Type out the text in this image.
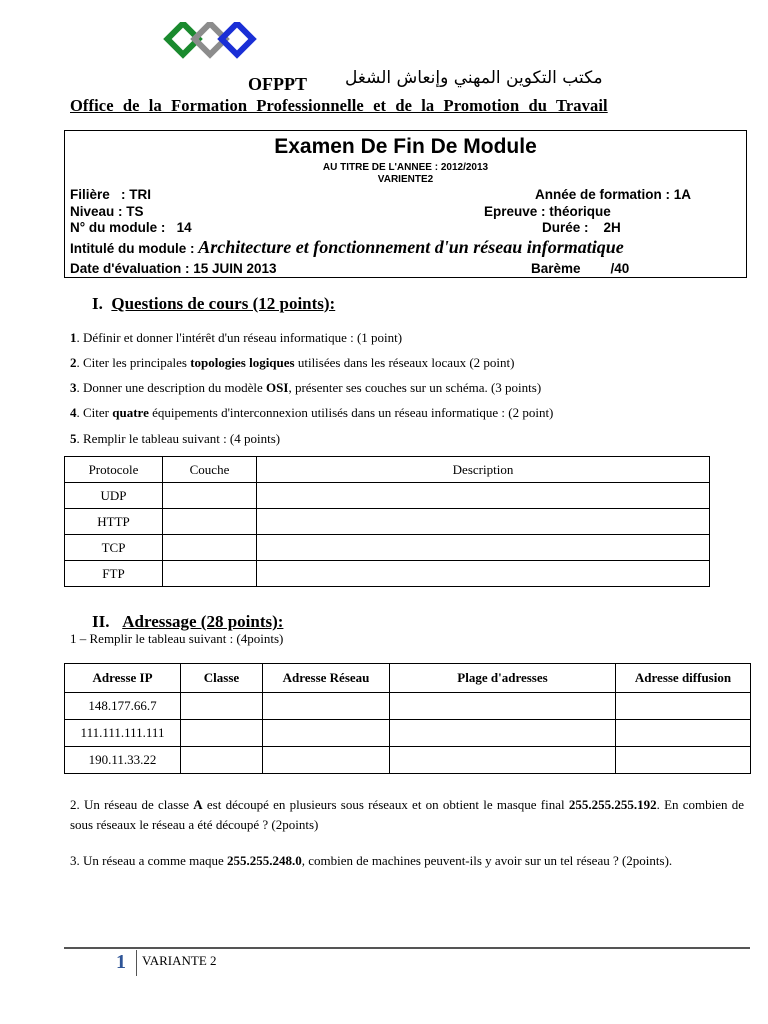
OFPPT مكتب التكوين المهني وإنعاش الشغل
Office de la Formation Professionnelle et de la Promotion du Travail
Examen De Fin De Module
AU TITRE DE L'ANNEE : 2012/2013
VARIENTE2
Filière   : TRI	Année de formation : 1A
Niveau : TS	Epreuve : théorique
N° du module :   14	Durée :    2H
Intitulé du module : Architecture et fonctionnement d'un réseau informatique
Date d'évaluation : 15 JUIN 2013	Barème        /40
I. Questions de cours (12 points):
1. Définir et donner l'intérêt d'un réseau informatique : (1 point)
2. Citer les principales topologies logiques utilisées dans les réseaux locaux (2 point)
3. Donner une description du modèle OSI, présenter ses couches sur un schéma. (3 points)
4. Citer quatre équipements d'interconnexion utilisés dans un réseau informatique : (2 point)
5. Remplir le tableau suivant : (4 points)
Protocole	Couche	Description
UDP		
HTTP		
TCP		
FTP		
II. Adressage (28 points):
1 – Remplir le tableau suivant : (4points)
Adresse IP	Classe	Adresse Réseau	Plage d'adresses	Adresse diffusion
148.177.66.7				
111.111.111.111				
190.11.33.22				
2. Un réseau de classe A est découpé en plusieurs sous réseaux et on obtient le masque final 255.255.255.192. En combien de sous réseaux le réseau a été découpé ? (2points)
3. Un réseau a comme maque 255.255.248.0, combien de machines peuvent-ils y avoir sur un tel réseau ? (2points).
1 VARIANTE 2
